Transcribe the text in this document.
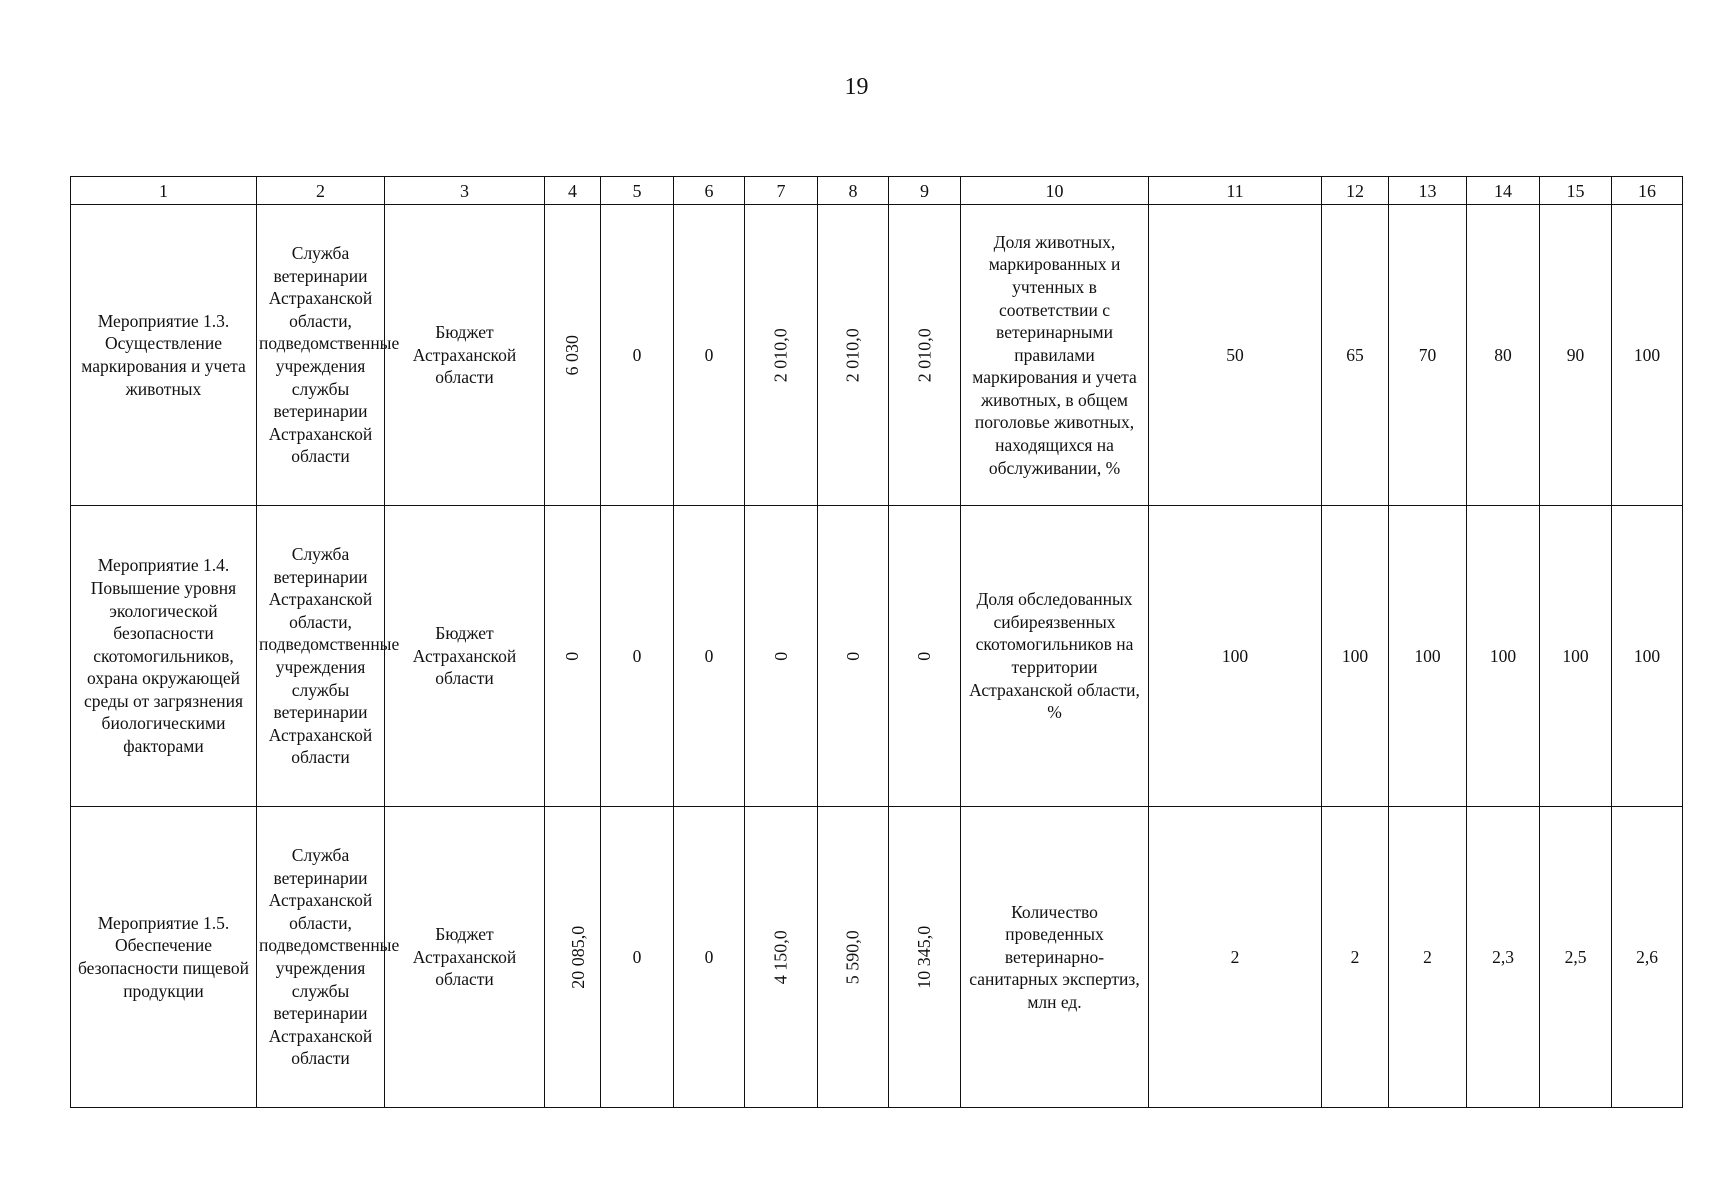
19
1	2	3	4	5	6	7	8	9	10	11	12	13	14	15	16
Мероприятие 1.3. Осуществление маркирования и учета животных	Служба ветеринарии Астраханской области, подведомственные учреждения службы ветеринарии Астраханской области	Бюджет Астраханской области	6 030	0	0	2 010,0	2 010,0	2 010,0	Доля животных, маркированных и учтенных в соответствии с ветеринарными правилами маркирования и учета животных, в общем поголовье животных, находящихся на обслуживании, %	50	65	70	80	90	100
Мероприятие 1.4. Повышение уровня экологической безопасности скотомогильников, охрана окружающей среды от загрязнения биологическими факторами	Служба ветеринарии Астраханской области, подведомственные учреждения службы ветеринарии Астраханской области	Бюджет Астраханской области	0	0	0	0	0	0	Доля обследованных сибиреязвенных скотомогильников на территории Астраханской области, %	100	100	100	100	100	100
Мероприятие 1.5. Обеспечение безопасности пищевой продукции	Служба ветеринарии Астраханской области, подведомственные учреждения службы ветеринарии Астраханской области	Бюджет Астраханской области	20 085,0	0	0	4 150,0	5 590,0	10 345,0	Количество проведенных ветеринарно-санитарных экспертиз, млн ед.	2	2	2	2,3	2,5	2,6
